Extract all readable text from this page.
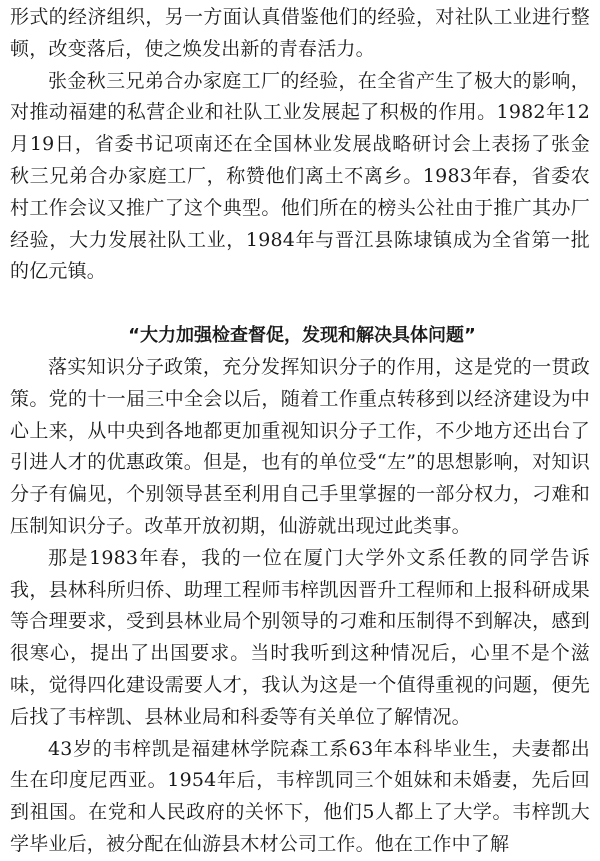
形式的经济组织，另一方面认真借鉴他们的经验，对社队工业进行整顿，改变落后，使之焕发出新的青春活力。

张金秋三兄弟合办家庭工厂的经验，在全省产生了极大的影响，对推动福建的私营企业和社队工业发展起了积极的作用。1982年12月19日，省委书记项南还在全国林业发展战略研讨会上表扬了张金秋三兄弟合办家庭工厂，称赞他们离土不离乡。1983年春，省委农村工作会议又推广了这个典型。他们所在的榜头公社由于推广其办厂经验，大力发展社队工业，1984年与晋江县陈埭镇成为全省第一批的亿元镇。

“大力加强检查督促，发现和解决具体问题”

落实知识分子政策，充分发挥知识分子的作用，这是党的一贯政策。党的十一届三中全会以后，随着工作重点转移到以经济建设为中心上来，从中央到各地都更加重视知识分子工作，不少地方还出台了引进人才的优惠政策。但是，也有的单位受“左”的思想影响，对知识分子有偏见，个别领导甚至利用自己手里掌握的一部分权力，刁难和压制知识分子。改革开放初期，仙游就出现过此类事。

那是1983年春，我的一位在厦门大学外文系任教的同学告诉我，县林科所归侨、助理工程师韦梓凯因晋升工程师和上报科研成果等合理要求，受到县林业局个别领导的刁难和压制得不到解决，感到很寒心，提出了出国要求。当时我听到这种情况后，心里不是个滋味，觉得四化建设需要人才，我认为这是一个值得重视的问题，便先后找了韦梓凯、县林业局和科委等有关单位了解情况。

43岁的韦梓凯是福建林学院森工系63年本科毕业生，夫妻都出生在印度尼西亚。1954年后，韦梓凯同三个姐妹和未婚妻，先后回到祖国。在党和人民政府的关怀下，他们5人都上了大学。韦梓凯大学毕业后，被分配在仙游县木材公司工作。他在工作中了解
